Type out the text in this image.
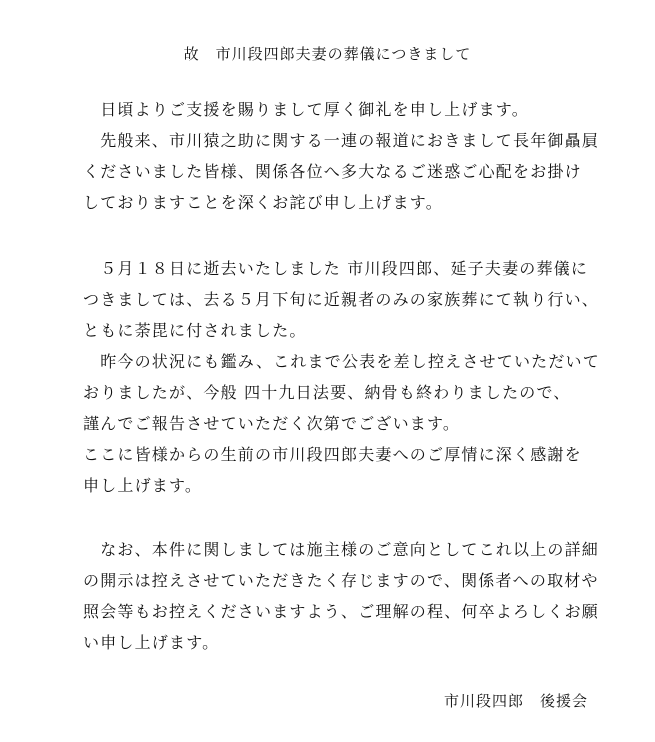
故　市川段四郎夫妻の葬儀につきまして
　日頃よりご支援を賜りまして厚く御礼を申し上げます。
　先般来、市川猿之助に関する一連の報道におきまして長年御贔屓
くださいました皆様、関係各位へ多大なるご迷惑ご心配をお掛け
しておりますことを深くお詫び申し上げます。
　５月１８日に逝去いたしました 市川段四郎、延子夫妻の葬儀に
つきましては、去る５月下旬に近親者のみの家族葬にて執り行い、
ともに荼毘に付されました。
　昨今の状況にも鑑み、これまで公表を差し控えさせていただいて
おりましたが、今般 四十九日法要、納骨も終わりましたので、
謹んでご報告させていただく次第でございます。
ここに皆様からの生前の市川段四郎夫妻へのご厚情に深く感謝を
申し上げます。
　なお、本件に関しましては施主様のご意向としてこれ以上の詳細
の開示は控えさせていただきたく存じますので、関係者への取材や
照会等もお控えくださいますよう、ご理解の程、何卒よろしくお願
い申し上げます。
市川段四郎　後援会
